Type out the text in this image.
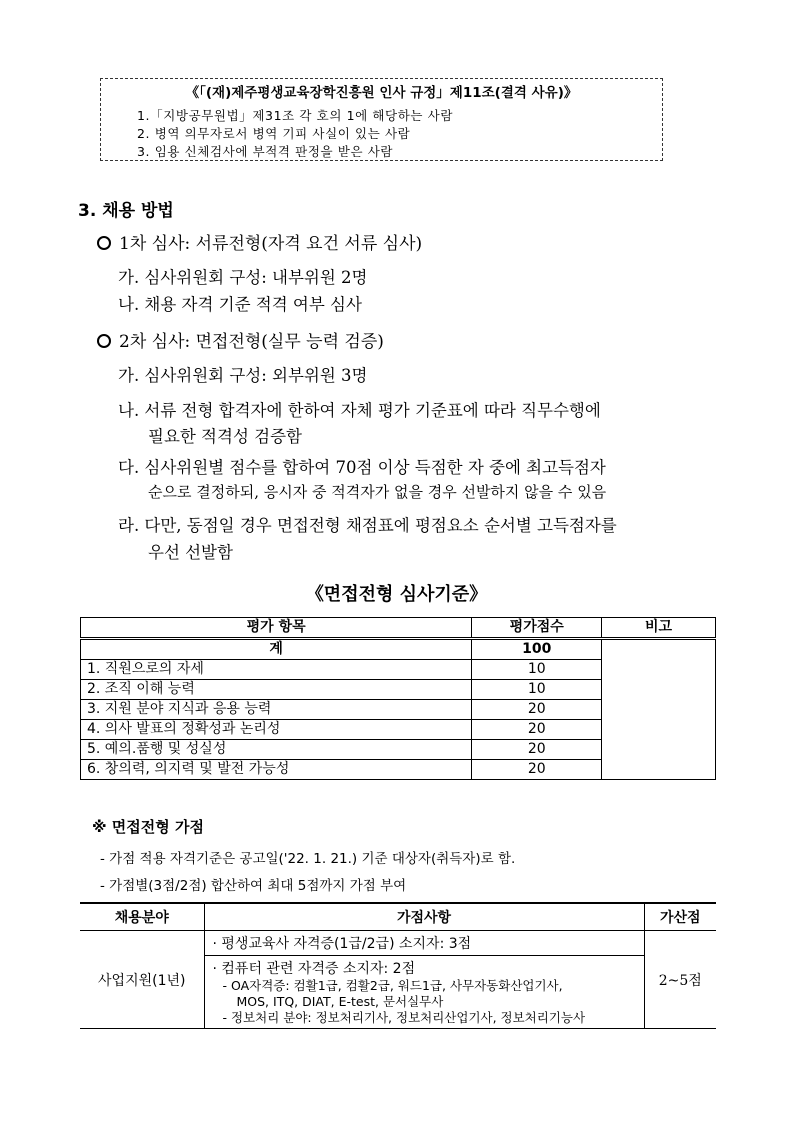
《「(재)제주평생교육장학진흥원 인사 규정」제11조(결격 사유)》
1.「지방공무원법」제31조 각 호의 1에 해당하는 사람
2. 병역 의무자로서 병역 기피 사실이 있는 사람
3. 임용 신체검사에 부적격 판정을 받은 사람
3. 채용 방법
1차 심사: 서류전형(자격 요건 서류 심사)
가. 심사위원회 구성: 내부위원 2명
나. 채용 자격 기준 적격 여부 심사
2차 심사: 면접전형(실무 능력 검증)
가. 심사위원회 구성: 외부위원 3명
나. 서류 전형 합격자에 한하여 자체 평가 기준표에 따라 직무수행에
필요한 적격성 검증함
다. 심사위원별 점수를 합하여 70점 이상 득점한 자 중에 최고득점자
순으로 결정하되, 응시자 중 적격자가 없을 경우 선발하지 않을 수 있음
라. 다만, 동점일 경우 면접전형 채점표에 평점요소 순서별 고득점자를
우선 선발함
《면접전형 심사기준》
평가 항목	평가점수	비고
계	100	
1. 직원으로의 자세	10	
2. 조직 이해 능력	10	
3. 지원 분야 지식과 응용 능력	20	
4. 의사 발표의 정확성과 논리성	20	
5. 예의.품행 및 성실성	20	
6. 창의력, 의지력 및 발전 가능성	20	
※ 면접전형 가점
- 가점 적용 자격기준은 공고일('22. 1. 21.) 기준 대상자(취득자)로 함.
- 가점별(3점/2점) 합산하여 최대 5점까지 가점 부여
채용분야	가점사항	가산점
사업지원(1년)	· 평생교육사 자격증(1급/2급) 소지자: 3점	2~5점

	· 컴퓨터 관련 자격증 소지자: 2점
- OA자격증: 컴활1급, 컴활2급, 워드1급, 사무자동화산업기사,
MOS, ITQ, DIAT, E-test, 문서실무사
- 정보처리 분야: 정보처리기사, 정보처리산업기사, 정보처리기능사	
